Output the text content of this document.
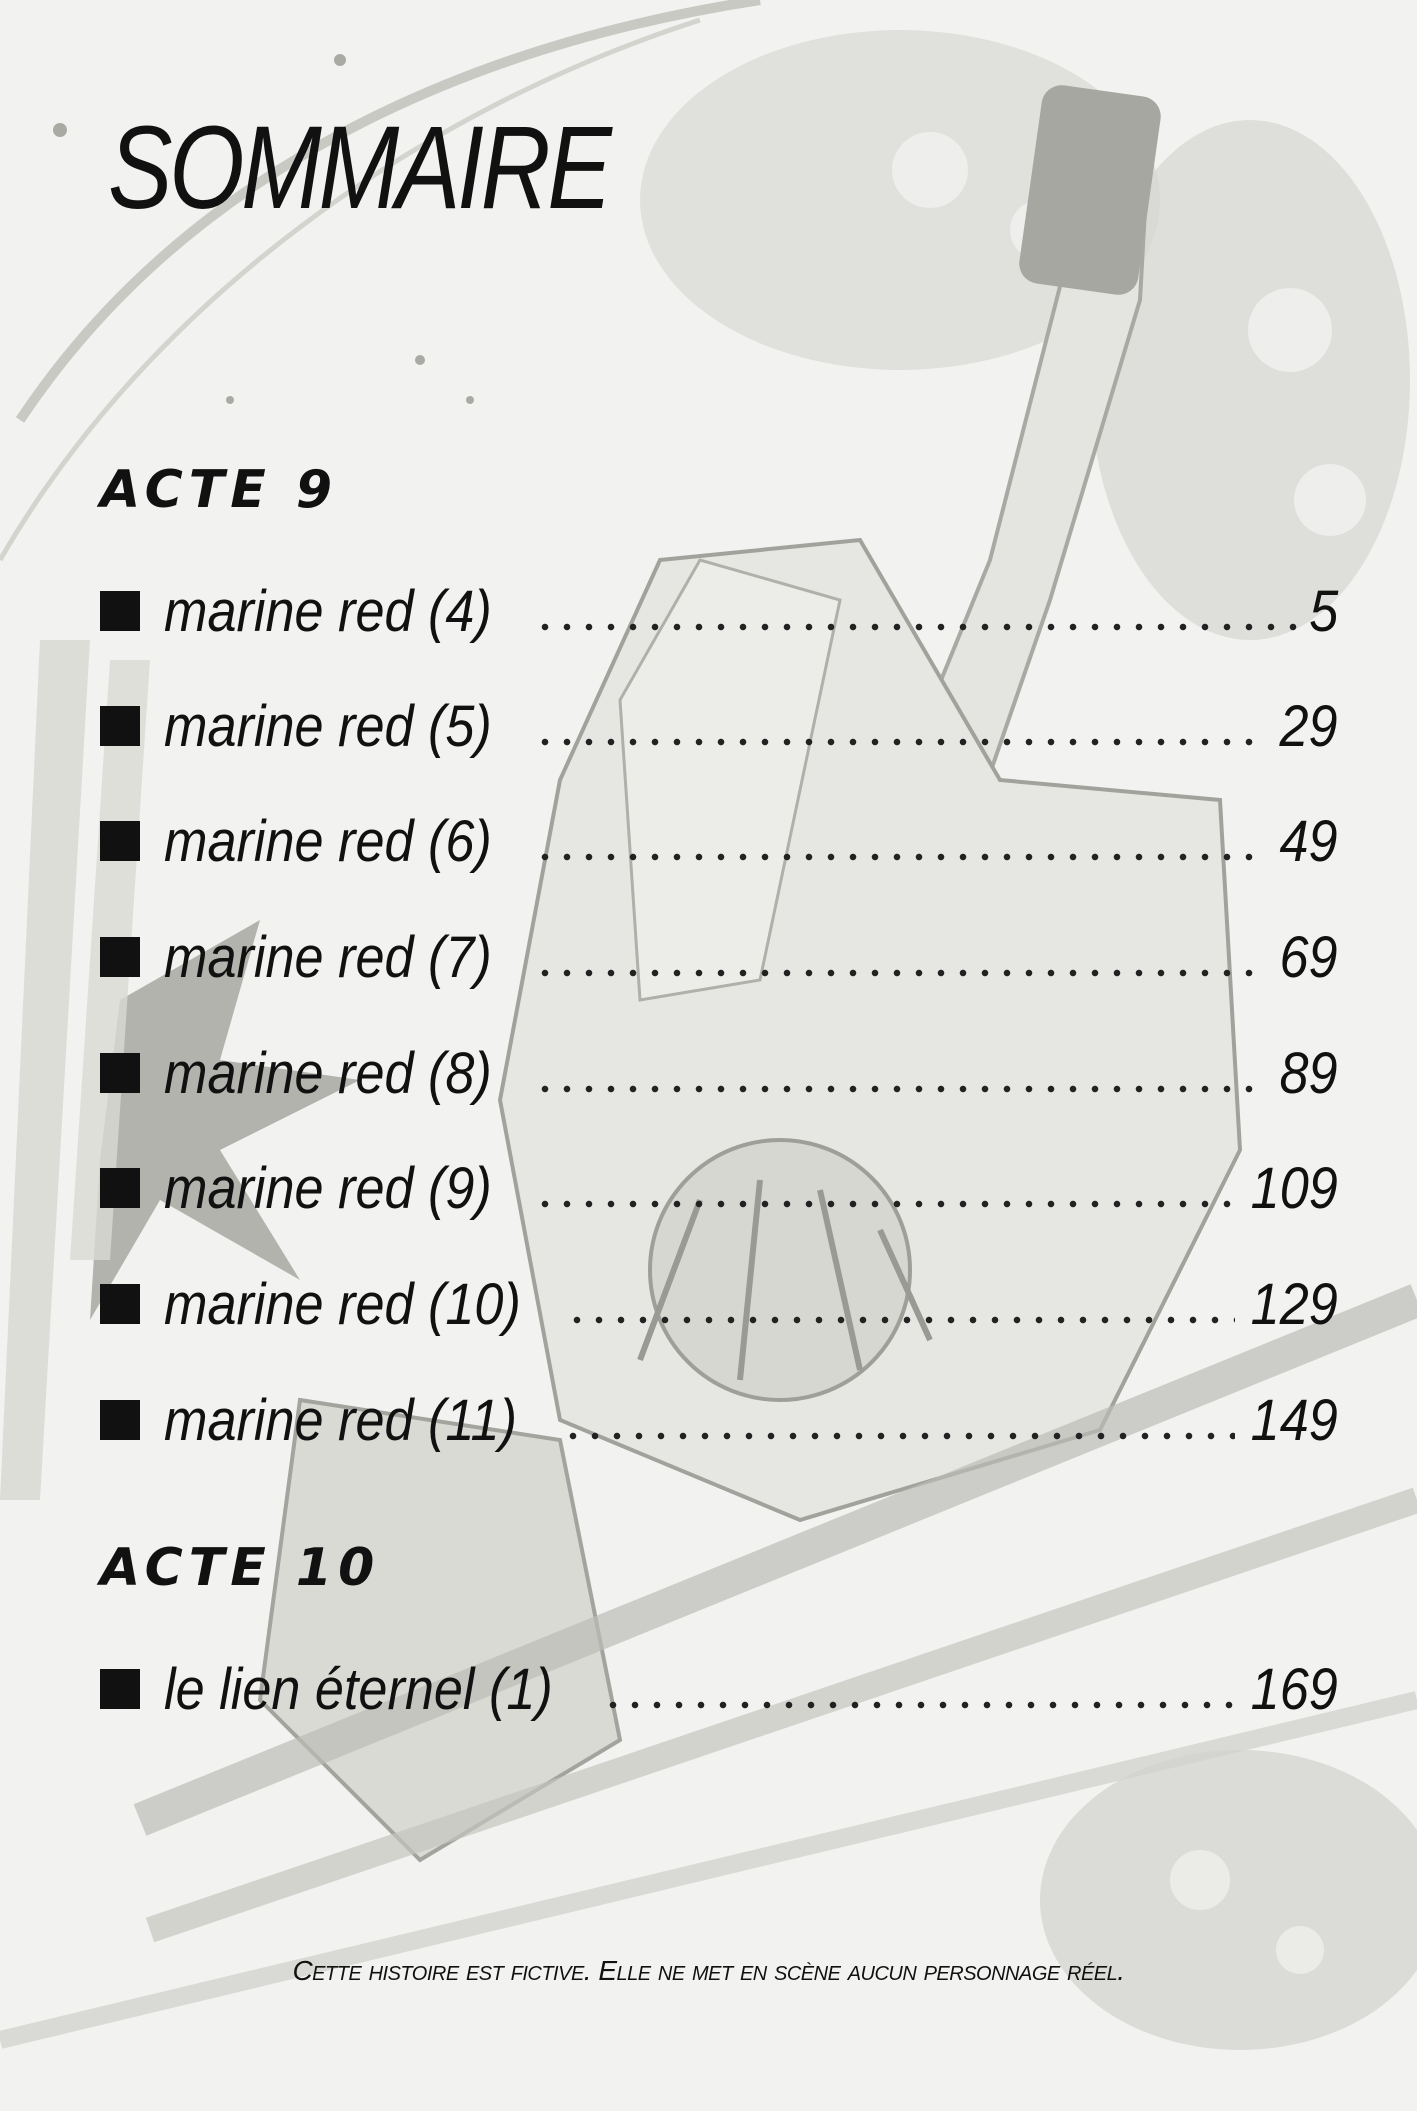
SOMMAIRE
ACTE 9
marine red (4)	5
marine red (5)	29
marine red (6)	49
marine red (7)	69
marine red (8)	89
marine red (9)	109
marine red (10)	129
marine red (11)	149
ACTE 10
le lien éternel (1)	169
Cette histoire est fictive. Elle ne met en scène aucun personnage réel.
